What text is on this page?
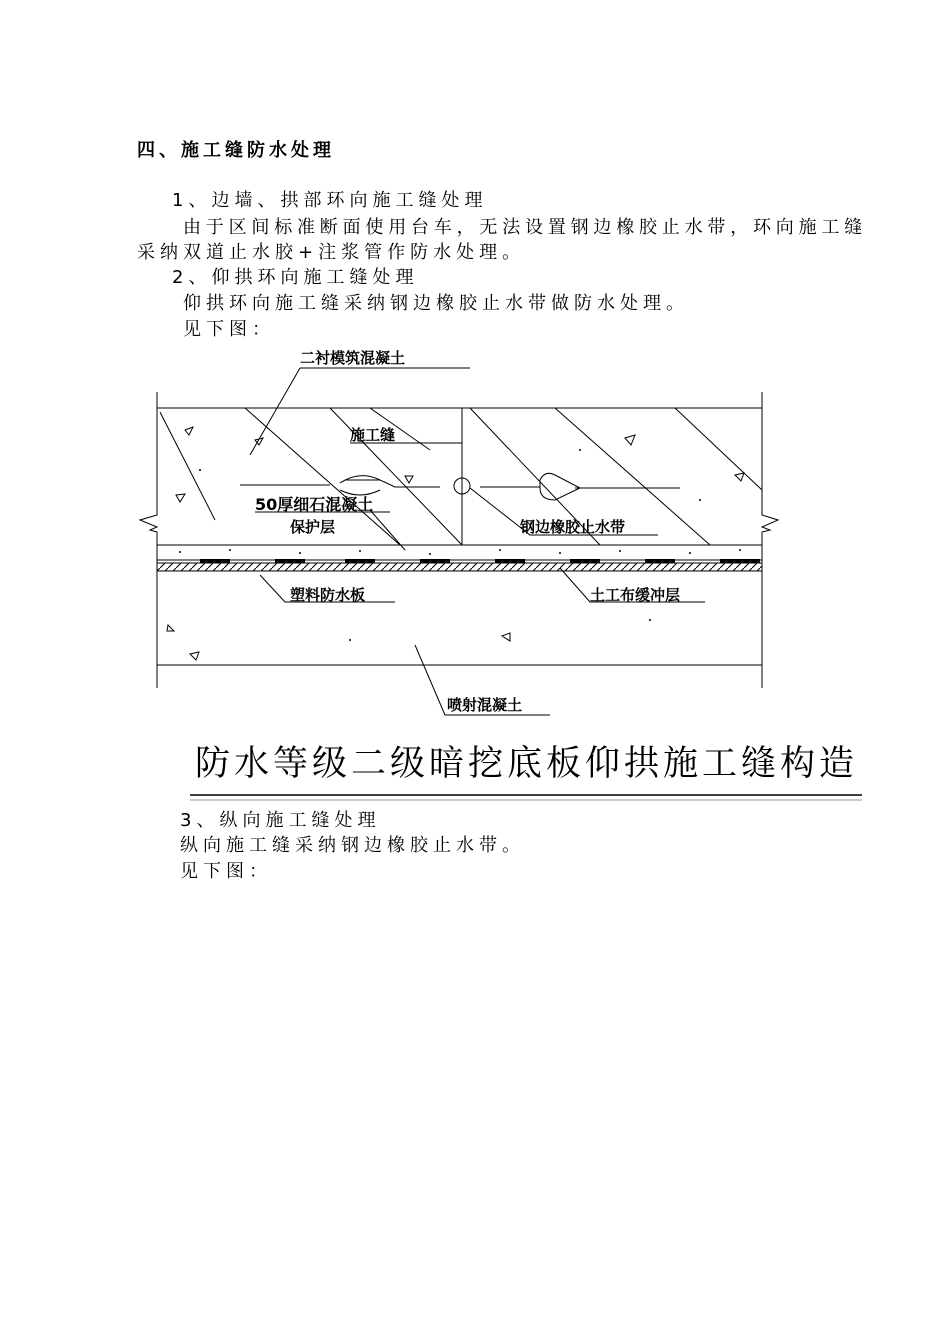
四、施工缝防水处理
1、边墙、拱部环向施工缝处理
由于区间标准断面使用台车，无法设置钢边橡胶止水带，环向施工缝
采纳双道止水胶+注浆管作防水处理。
2、仰拱环向施工缝处理
仰拱环向施工缝采纳钢边橡胶止水带做防水处理。
见下图：
二衬模筑混凝土
施工缝
50厚细石混凝土
保护层	钢边橡胶止水带
塑料防水板	土工布缓冲层
喷射混凝土
防水等级二级暗挖底板仰拱施工缝构造
3、纵向施工缝处理
纵向施工缝采纳钢边橡胶止水带。
见下图：
